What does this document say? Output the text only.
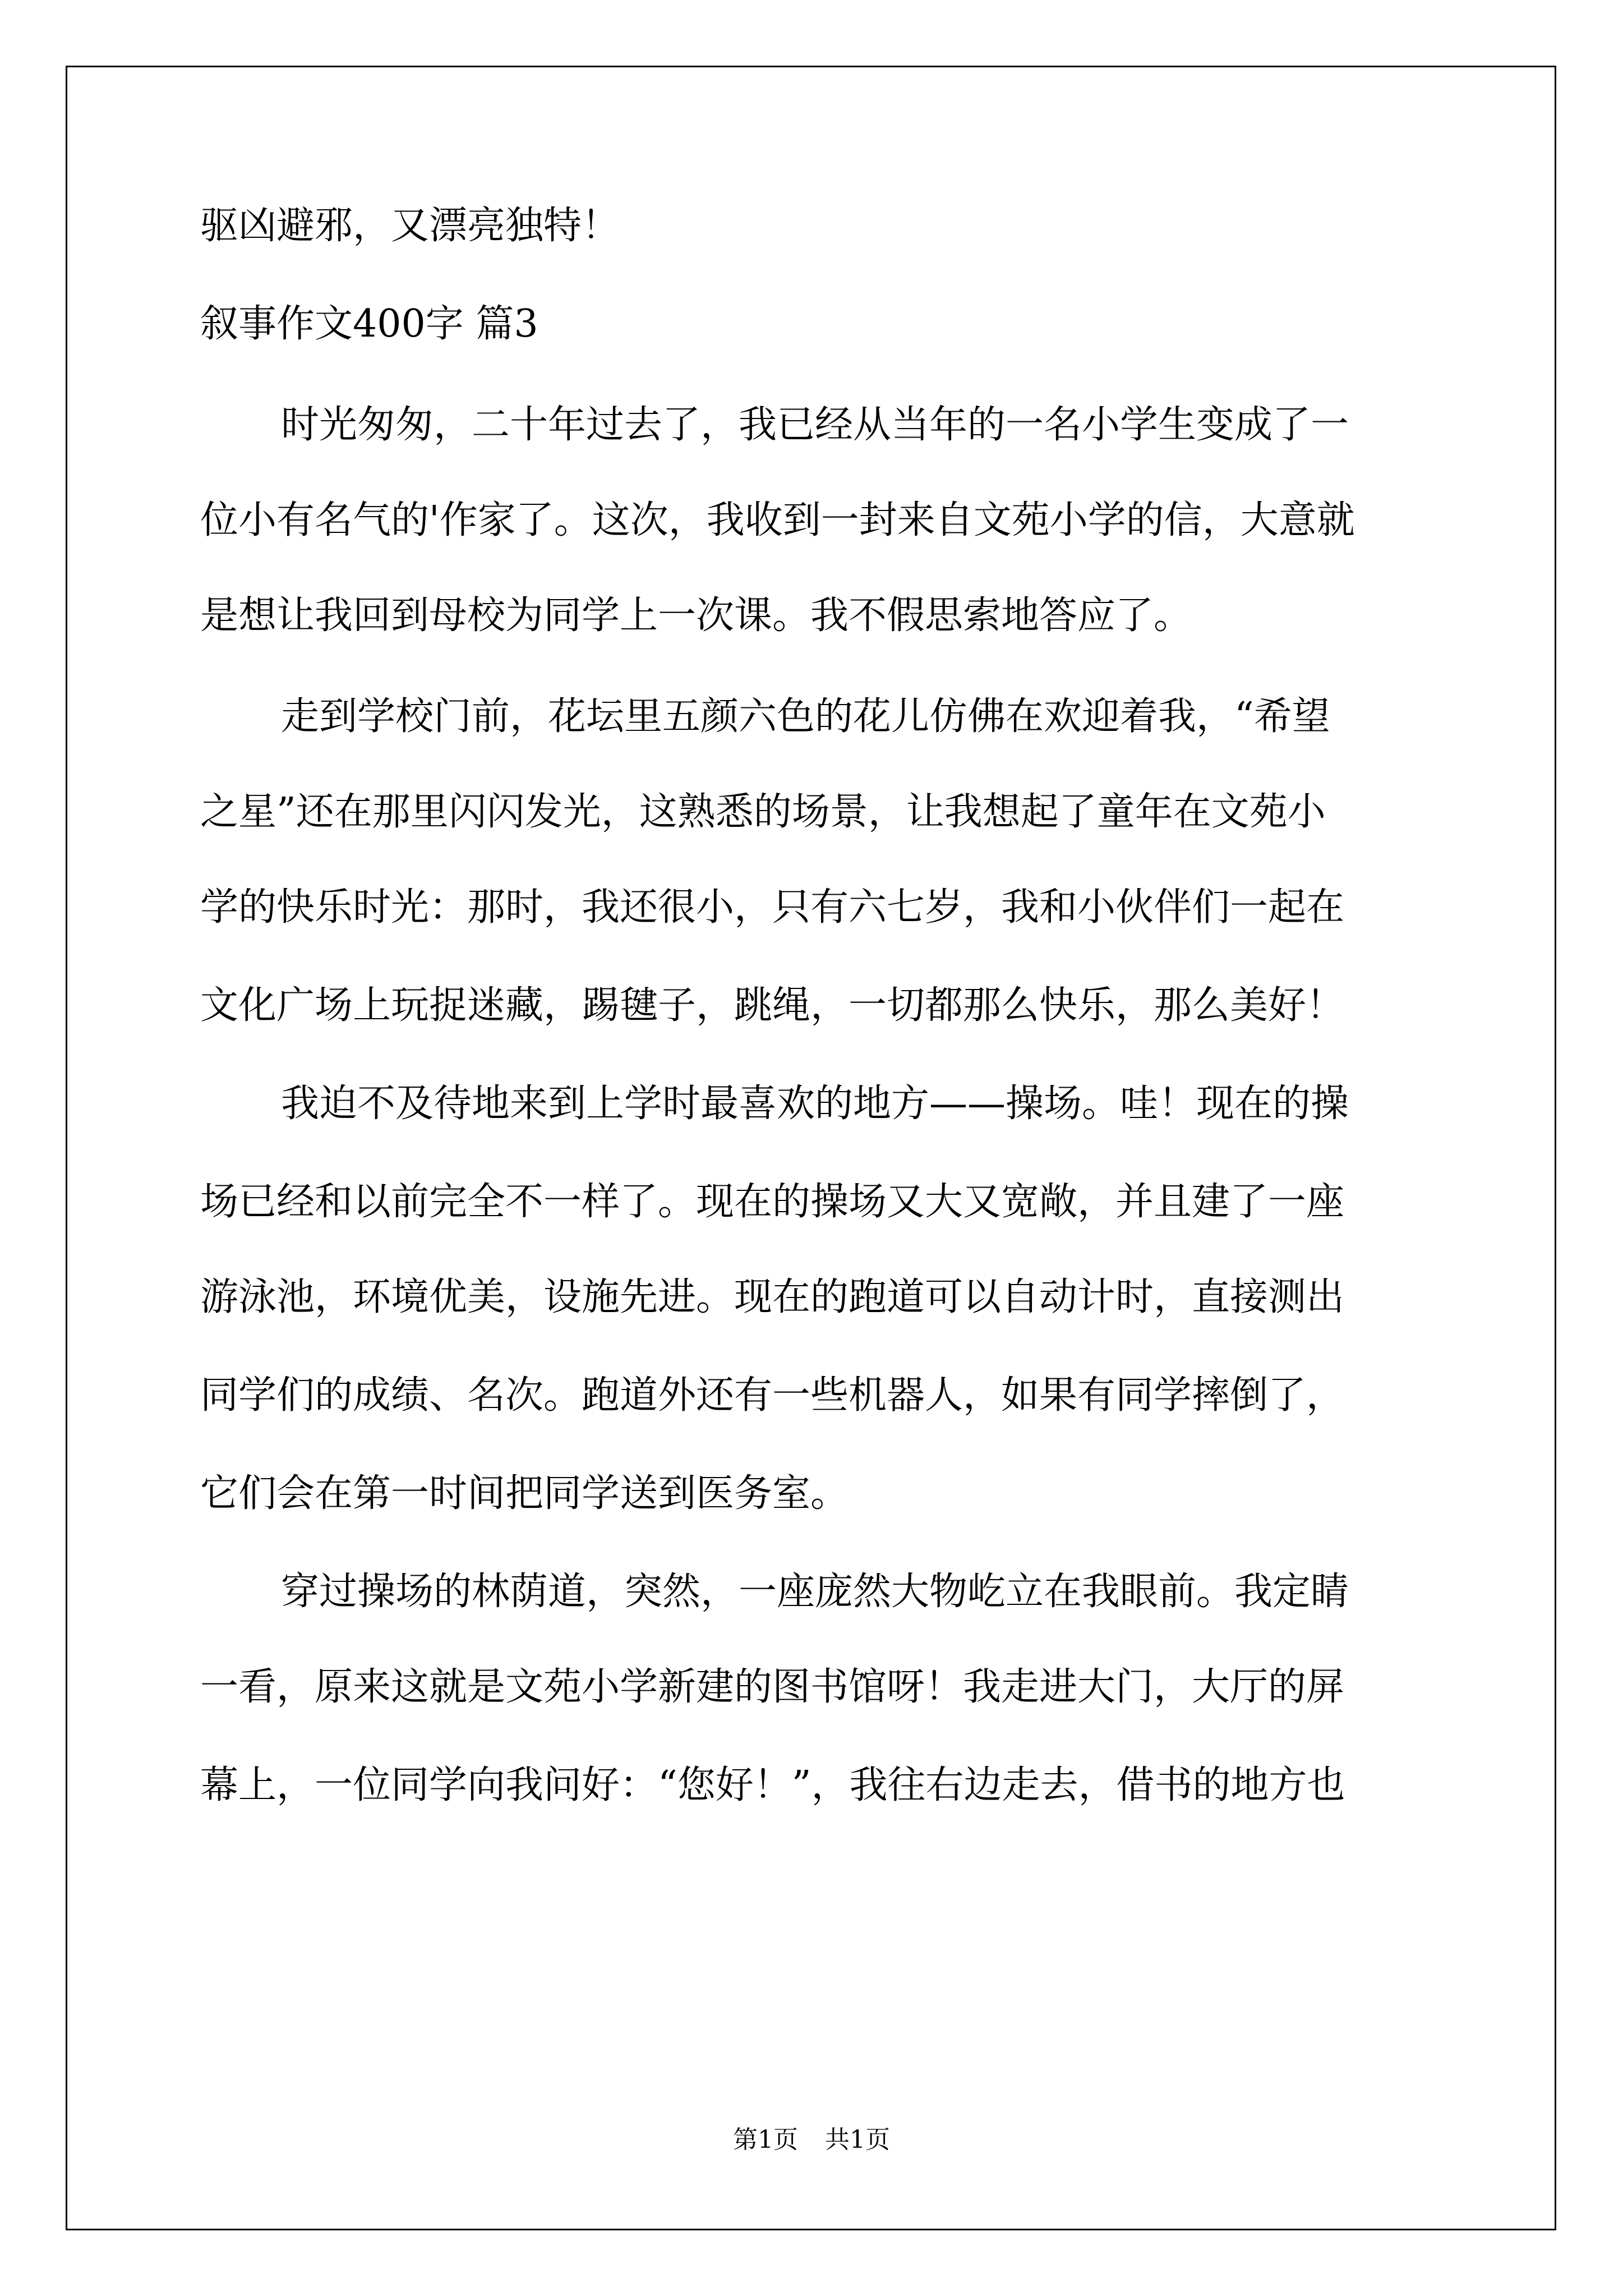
驱凶避邪，又漂亮独特！
叙事作文400字 篇3
时光匆匆，二十年过去了，我已经从当年的一名小学生变成了一
位小有名气的'作家了。这次，我收到一封来自文苑小学的信，大意就
是想让我回到母校为同学上一次课。我不假思索地答应了。
走到学校门前，花坛里五颜六色的花儿仿佛在欢迎着我，“希望
之星”还在那里闪闪发光，这熟悉的场景，让我想起了童年在文苑小
学的快乐时光：那时，我还很小，只有六七岁，我和小伙伴们一起在
文化广场上玩捉迷藏，踢毽子，跳绳，一切都那么快乐，那么美好！
我迫不及待地来到上学时最喜欢的地方——操场。哇！现在的操
场已经和以前完全不一样了。现在的操场又大又宽敞，并且建了一座
游泳池，环境优美，设施先进。现在的跑道可以自动计时，直接测出
同学们的成绩、名次。跑道外还有一些机器人，如果有同学摔倒了，
它们会在第一时间把同学送到医务室。
穿过操场的林荫道，突然，一座庞然大物屹立在我眼前。我定睛
一看，原来这就是文苑小学新建的图书馆呀！我走进大门，大厅的屏
幕上，一位同学向我问好：“您好！”，我往右边走去，借书的地方也
第1页 共1页
